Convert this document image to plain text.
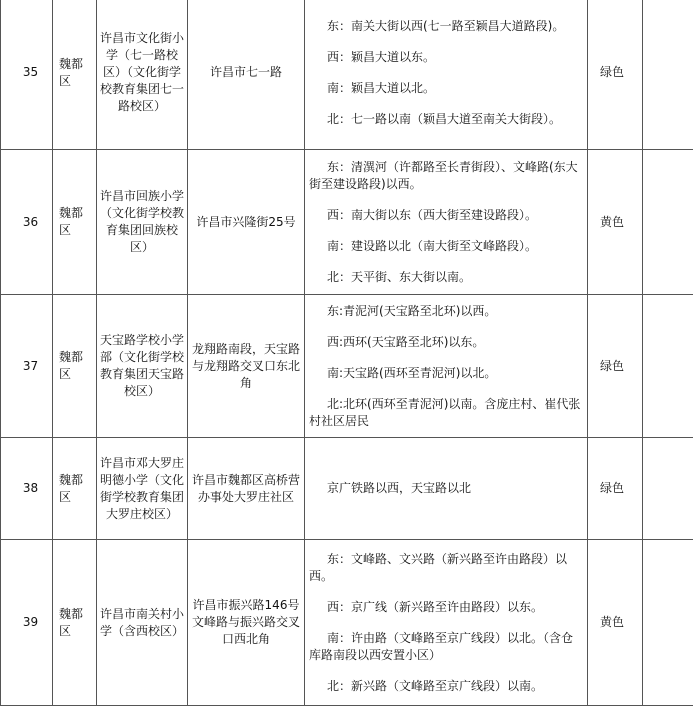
35	魏都区	许昌市文化街小学（七一路校区）（文化街学校教育集团七一路校区）	许昌市七一路	东：南关大街以西(七一路至颖昌大道路段)。
西：颖昌大道以东。
南：颖昌大道以北。
北：七一路以南（颖昌大道至南关大街段）。	绿色	
36	魏都区	许昌市回族小学（文化街学校教育集团回族校区）	许昌市兴隆街25号	东：清潩河（许都路至长青街段）、文峰路(东大街至建设路段)以西。
西：南大街以东（西大街至建设路段）。
南：建设路以北（南大街至文峰路段）。
北：天平街、东大街以南。	黄色	
37	魏都区	天宝路学校小学部（文化街学校教育集团天宝路校区）	龙翔路南段，天宝路与龙翔路交叉口东北角	东:青泥河(天宝路至北环)以西。
西:西环(天宝路至北环)以东。
南:天宝路(西环至青泥河)以北。
北:北环(西环至青泥河)以南。含庞庄村、崔代张村社区居民	绿色	
38	魏都区	许昌市邓大罗庄明德小学（文化街学校教育集团大罗庄校区）	许昌市魏都区高桥营办事处大罗庄社区	京广铁路以西，天宝路以北	绿色	
39	魏都区	许昌市南关村小学（含西校区）	许昌市振兴路146号文峰路与振兴路交叉口西北角	东：文峰路、文兴路（新兴路至许由路段）以西。
西：京广线（新兴路至许由路段）以东。
南：许由路（文峰路至京广线段）以北。（含仓库路南段以西安置小区）
北：新兴路（文峰路至京广线段）以南。	黄色	
